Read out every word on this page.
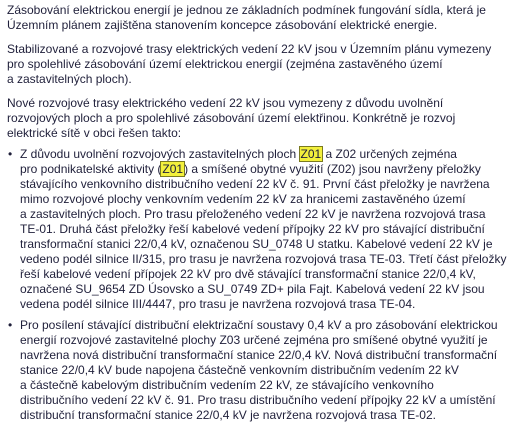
Zásobování elektrickou energií je jednou ze základních podmínek fungování sídla, která je
Územním plánem zajištěna stanovením koncepce zásobování elektrické energie.

Stabilizované a rozvojové trasy elektrických vedení 22 kV jsou v Územním plánu vymezeny
pro spolehlivé zásobování území elektrickou energií (zejména zastavěného území
a zastavitelných ploch).

Nové rozvojové trasy elektrického vedení 22 kV jsou vymezeny z důvodu uvolnění
rozvojových ploch a pro spolehlivé zásobování území elektřinou. Konkrétně je rozvoj
elektrické sítě v obci řešen takto:

• Z důvodu uvolnění rozvojových zastavitelných ploch Z01 a Z02 určených zejména
pro podnikatelské aktivity (Z01) a smíšené obytné využití (Z02) jsou navrženy přeložky
stávajícího venkovního distribučního vedení 22 kV č. 91. První část přeložky je navržena
mimo rozvojové plochy venkovním vedením 22 kV za hranicemi zastavěného území
a zastavitelných ploch. Pro trasu přeloženého vedení 22 kV je navržena rozvojová trasa
TE-01. Druhá část přeložky řeší kabelové vedení přípojky 22 kV pro stávající distribuční
transformační stanici 22/0,4 kV, označenou SU_0748 U statku. Kabelové vedení 22 kV je
vedeno podél silnice II/315, pro trasu je navržena rozvojová trasa TE-03. Třetí část přeložky
řeší kabelové vedení přípojek 22 kV pro dvě stávající transformační stanice 22/0,4 kV,
označené SU_9654 ZD Úsovsko a SU_0749 ZD+ pila Fajt. Kabelová vedení 22 kV jsou
vedena podél silnice III/4447, pro trasu je navržena rozvojová trasa TE-04.
• Pro posílení stávající distribuční elektrizační soustavy 0,4 kV a pro zásobování elektrickou
energií rozvojové zastavitelné plochy Z03 určené zejména pro smíšené obytné využití je
navržena nová distribuční transformační stanice 22/0,4 kV. Nová distribuční transformační
stanice 22/0,4 kV bude napojena částečně venkovním distribučním vedením 22 kV
a částečně kabelovým distribučním vedením 22 kV, ze stávajícího venkovního
distribučního vedení 22 kV č. 91. Pro trasu distribučního vedení přípojky 22 kV a umístění
distribuční transformační stanice 22/0,4 kV je navržena rozvojová trasa TE-02.
